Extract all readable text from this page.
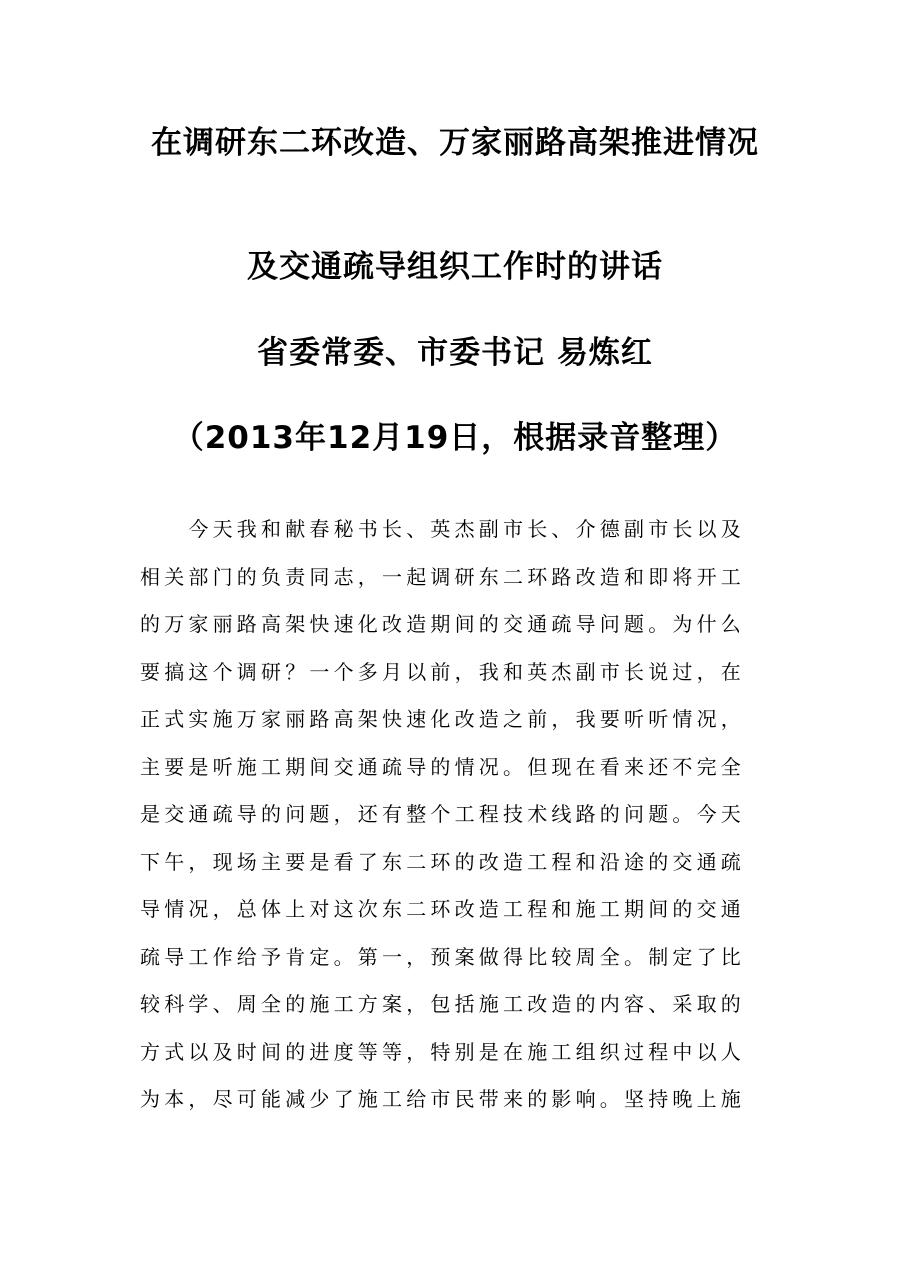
在调研东二环改造、万家丽路高架推进情况
及交通疏导组织工作时的讲话
省委常委、市委书记 易炼红
（2013年12月19日，根据录音整理）
　　今天我和献春秘书长、英杰副市长、介德副市长以及
相关部门的负责同志，一起调研东二环路改造和即将开工
的万家丽路高架快速化改造期间的交通疏导问题。为什么
要搞这个调研？一个多月以前，我和英杰副市长说过，在
正式实施万家丽路高架快速化改造之前，我要听听情况，
主要是听施工期间交通疏导的情况。但现在看来还不完全
是交通疏导的问题，还有整个工程技术线路的问题。今天
下午，现场主要是看了东二环的改造工程和沿途的交通疏
导情况，总体上对这次东二环改造工程和施工期间的交通
疏导工作给予肯定。第一，预案做得比较周全。制定了比
较科学、周全的施工方案，包括施工改造的内容、采取的
方式以及时间的进度等等，特别是在施工组织过程中以人
为本，尽可能减少了施工给市民带来的影响。坚持晚上施
